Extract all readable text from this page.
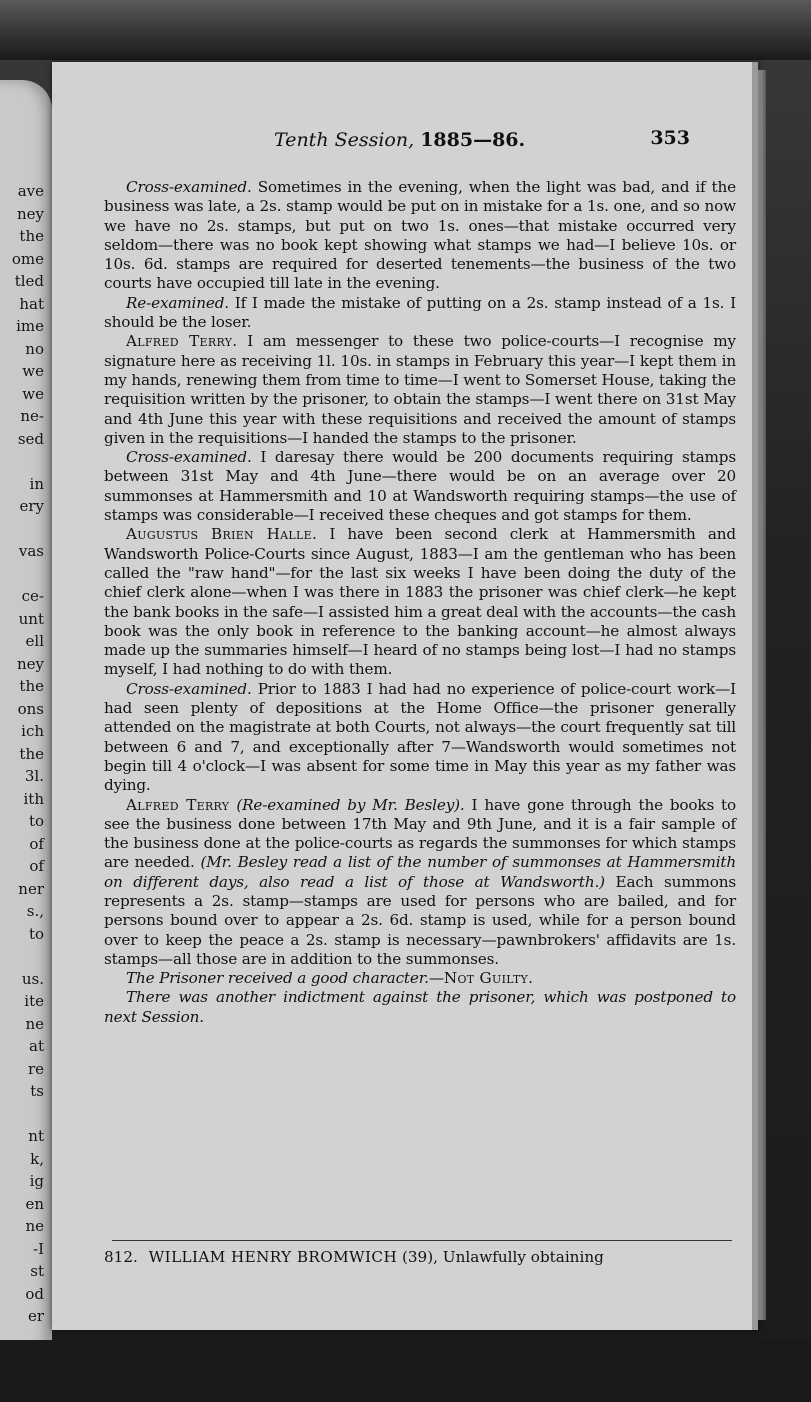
ave
ney
the
ome
tled
hat
ime
no
we
we
ne-
sed
in
ery
vas
ce-
unt
ell
ney
the
ons
ich
the
3l.
ith
to
of
of
ner
s.,
to
us.
ite
ne
at
re
ts
nt
k,
ig
en
ne
-I
st
od
er
Tenth Session, 1885—86.	353

Cross-examined. Sometimes in the evening, when the light was bad, and if the business was late, a 2s. stamp would be put on in mistake for a 1s. one, and so now we have no 2s. stamps, but put on two 1s. ones—that mistake occurred very seldom—there was no book kept showing what stamps we had—I believe 10s. or 10s. 6d. stamps are required for deserted tenements—the business of the two courts have occupied till late in the evening.

Re-examined. If I made the mistake of putting on a 2s. stamp instead of a 1s. I should be the loser.

Alfred Terry. I am messenger to these two police-courts—I recognise my signature here as receiving 1l. 10s. in stamps in February this year—I kept them in my hands, renewing them from time to time—I went to Somerset House, taking the requisition written by the prisoner, to obtain the stamps—I went there on 31st May and 4th June this year with these requisitions and received the amount of stamps given in the requisitions—I handed the stamps to the prisoner.

Cross-examined. I daresay there would be 200 documents requiring stamps between 31st May and 4th June—there would be on an average over 20 summonses at Hammersmith and 10 at Wandsworth requiring stamps—the use of stamps was considerable—I received these cheques and got stamps for them.

Augustus Brien Halle. I have been second clerk at Hammersmith and Wandsworth Police-Courts since August, 1883—I am the gentleman who has been called the "raw hand"—for the last six weeks I have been doing the duty of the chief clerk alone—when I was there in 1883 the prisoner was chief clerk—he kept the bank books in the safe—I assisted him a great deal with the accounts—the cash book was the only book in reference to the banking account—he almost always made up the summaries himself—I heard of no stamps being lost—I had no stamps myself, I had nothing to do with them.

Cross-examined. Prior to 1883 I had had no experience of police-court work—I had seen plenty of depositions at the Home Office—the prisoner generally attended on the magistrate at both Courts, not always—the court frequently sat till between 6 and 7, and exceptionally after 7—Wandsworth would sometimes not begin till 4 o'clock—I was absent for some time in May this year as my father was dying.

Alfred Terry (Re-examined by Mr. Besley). I have gone through the books to see the business done between 17th May and 9th June, and it is a fair sample of the business done at the police-courts as regards the summonses for which stamps are needed. (Mr. Besley read a list of the number of summonses at Hammersmith on different days, also read a list of those at Wandsworth.) Each summons represents a 2s. stamp—stamps are used for persons who are bailed, and for persons bound over to appear a 2s. 6d. stamp is used, while for a person bound over to keep the peace a 2s. stamp is necessary—pawnbrokers' affidavits are 1s. stamps—all those are in addition to the summonses.

The Prisoner received a good character.—Not Guilty.

There was another indictment against the prisoner, which was postponed to next Session.

812. WILLIAM HENRY BROMWICH (39), Unlawfully obtaining
